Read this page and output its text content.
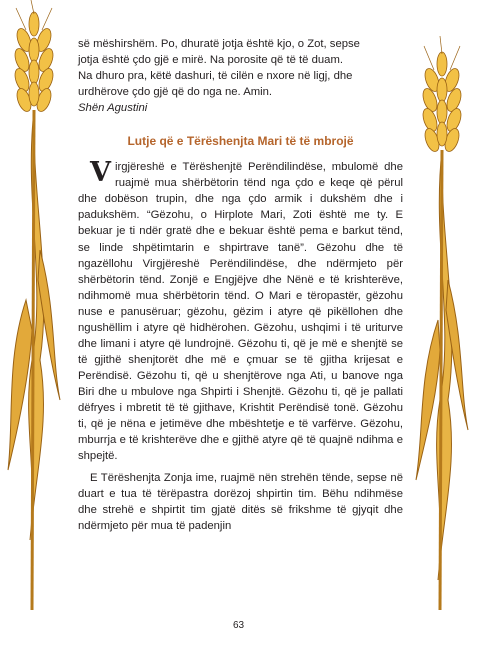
së mëshirshëm. Po, dhuratë jotja është kjo, o Zot, sepse

jotja është çdo gjë e mirë. Na porosite që të të duam.

Na dhuro pra, këtë dashuri, të cilën e nxore në ligj, dhe

urdhërove çdo gjë që do nga ne. Amin.

Shën Agustini

Lutje që e Tërëshenjta Mari të të mbrojë

Virgjëreshë e Tërëshenjtë Perëndilindëse, mbulomë dhe ruajmë mua shërbëtorin tënd nga çdo e keqe që përul dhe dobëson trupin, dhe nga çdo armik i dukshëm dhe i padukshëm. “Gëzohu, o Hirplote Mari, Zoti është me ty. E bekuar je ti ndër gratë dhe e bekuar është pema e barkut tënd, se linde shpëtimtarin e shpirtrave tanë”. Gëzohu dhe të ngazëllohu Virgjëreshë Perëndilindëse, dhe ndërmjeto për shërbëtorin tënd. Zonjë e Engjëjve dhe Nënë e të krishterëve, ndihmomë mua shërbëtorin tënd. O Mari e tëropastër, gëzohu nuse e panusëruar; gëzohu, gëzim i atyre që pikëllohen dhe ngushëllim i atyre që hidhërohen. Gëzohu, ushqimi i të uriturve dhe limani i atyre që lundrojnë. Gëzohu ti, që je më e shenjtë se të gjithë shenjtorët dhe më e çmuar se të gjitha krijesat e Perëndisë. Gëzohu ti, që u shenjtërove nga Ati, u banove nga Biri dhe u mbulove nga Shpirti i Shenjtë. Gëzohu ti, që je pallati dëfryes i mbretit të të gjithave, Krishtit Perëndisë tonë. Gëzohu ti, që je nëna e jetimëve dhe mbështetje e të varfërve. Gëzohu, mburrja e të krishterëve dhe e gjithë atyre që të quajnë ndihma e shpejtë.

E Tërëshenjta Zonja ime, ruajmë nën strehën tënde, sepse në duart e tua të tërëpastra dorëzoj shpirtin tim. Bëhu ndihmëse dhe strehë e shpirtit tim gjatë ditës së frikshme të gjyqit dhe ndërmjeto për mua të padenjin

63
